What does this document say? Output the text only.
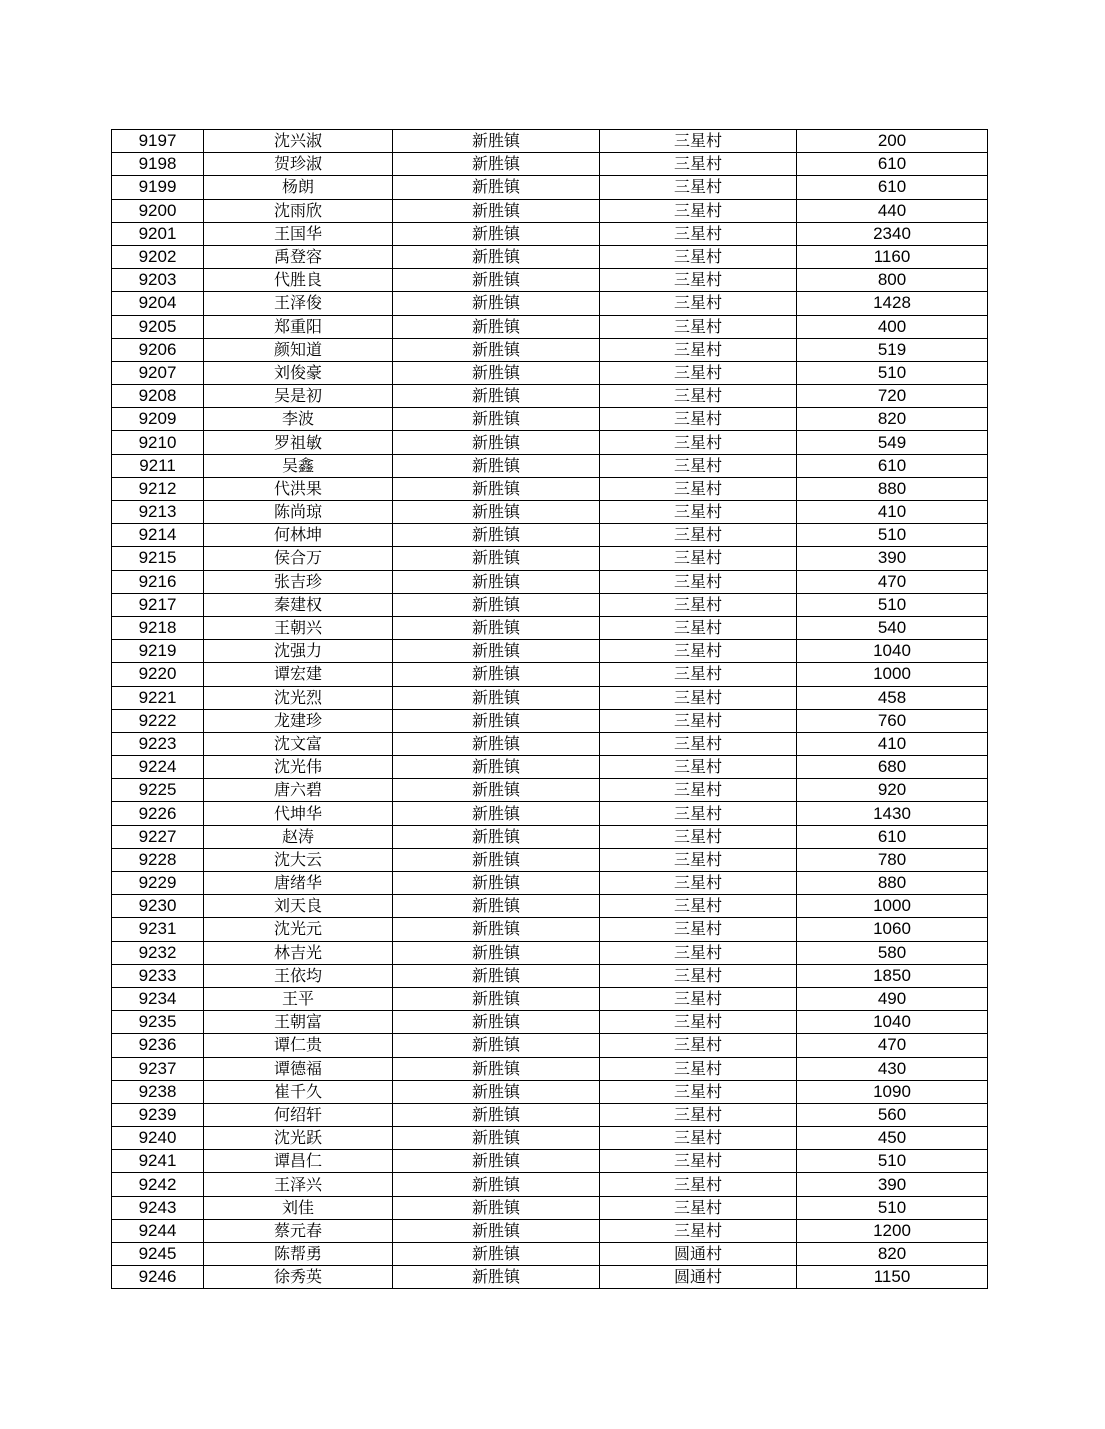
9197	沈兴淑	新胜镇	三星村	200
9198	贺珍淑	新胜镇	三星村	610
9199	杨朗	新胜镇	三星村	610
9200	沈雨欣	新胜镇	三星村	440
9201	王国华	新胜镇	三星村	2340
9202	禹登容	新胜镇	三星村	1160
9203	代胜良	新胜镇	三星村	800
9204	王泽俊	新胜镇	三星村	1428
9205	郑重阳	新胜镇	三星村	400
9206	颜知道	新胜镇	三星村	519
9207	刘俊豪	新胜镇	三星村	510
9208	吴是初	新胜镇	三星村	720
9209	李波	新胜镇	三星村	820
9210	罗祖敏	新胜镇	三星村	549
9211	吴鑫	新胜镇	三星村	610
9212	代洪果	新胜镇	三星村	880
9213	陈尚琼	新胜镇	三星村	410
9214	何林坤	新胜镇	三星村	510
9215	侯合万	新胜镇	三星村	390
9216	张吉珍	新胜镇	三星村	470
9217	秦建权	新胜镇	三星村	510
9218	王朝兴	新胜镇	三星村	540
9219	沈强力	新胜镇	三星村	1040
9220	谭宏建	新胜镇	三星村	1000
9221	沈光烈	新胜镇	三星村	458
9222	龙建珍	新胜镇	三星村	760
9223	沈文富	新胜镇	三星村	410
9224	沈光伟	新胜镇	三星村	680
9225	唐六碧	新胜镇	三星村	920
9226	代坤华	新胜镇	三星村	1430
9227	赵涛	新胜镇	三星村	610
9228	沈大云	新胜镇	三星村	780
9229	唐绪华	新胜镇	三星村	880
9230	刘天良	新胜镇	三星村	1000
9231	沈光元	新胜镇	三星村	1060
9232	林吉光	新胜镇	三星村	580
9233	王依均	新胜镇	三星村	1850
9234	王平	新胜镇	三星村	490
9235	王朝富	新胜镇	三星村	1040
9236	谭仁贵	新胜镇	三星村	470
9237	谭德福	新胜镇	三星村	430
9238	崔千久	新胜镇	三星村	1090
9239	何绍轩	新胜镇	三星村	560
9240	沈光跃	新胜镇	三星村	450
9241	谭昌仁	新胜镇	三星村	510
9242	王泽兴	新胜镇	三星村	390
9243	刘佳	新胜镇	三星村	510
9244	蔡元春	新胜镇	三星村	1200
9245	陈帮勇	新胜镇	圆通村	820
9246	徐秀英	新胜镇	圆通村	1150
